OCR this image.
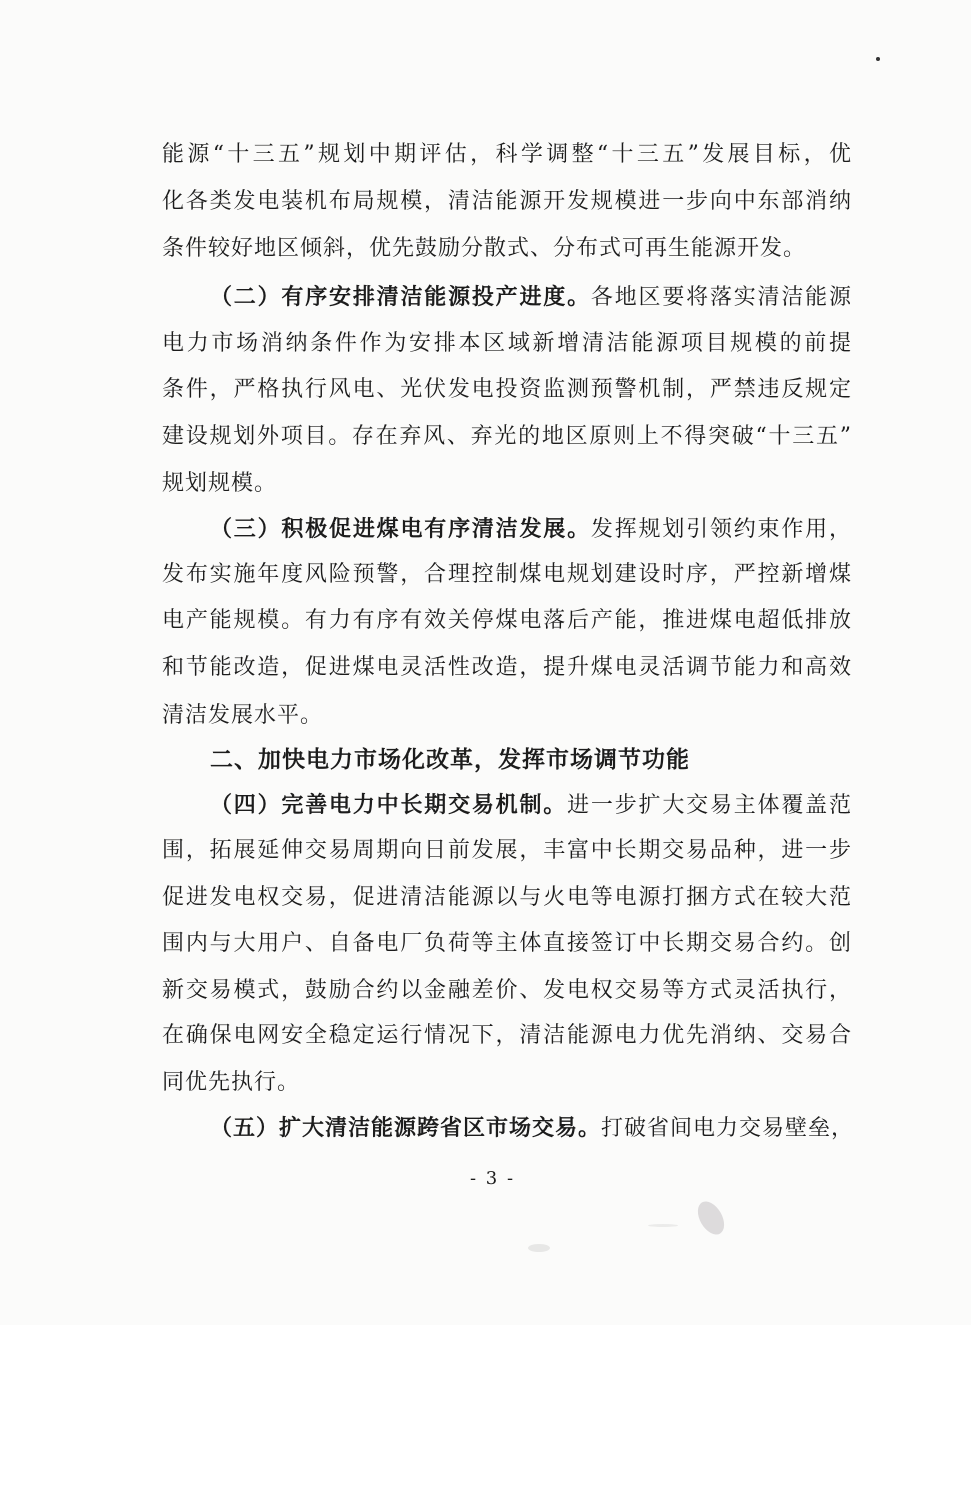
能源“十三五”规划中期评估，科学调整“十三五”发展目标，优
化各类发电装机布局规模，清洁能源开发规模进一步向中东部消纳
条件较好地区倾斜，优先鼓励分散式、分布式可再生能源开发。
（二）有序安排清洁能源投产进度。各地区要将落实清洁能源
电力市场消纳条件作为安排本区域新增清洁能源项目规模的前提
条件，严格执行风电、光伏发电投资监测预警机制，严禁违反规定
建设规划外项目。存在弃风、弃光的地区原则上不得突破“十三五”
规划规模。
（三）积极促进煤电有序清洁发展。发挥规划引领约束作用，
发布实施年度风险预警，合理控制煤电规划建设时序，严控新增煤
电产能规模。有力有序有效关停煤电落后产能，推进煤电超低排放
和节能改造，促进煤电灵活性改造，提升煤电灵活调节能力和高效
清洁发展水平。
二、加快电力市场化改革，发挥市场调节功能
（四）完善电力中长期交易机制。进一步扩大交易主体覆盖范
围，拓展延伸交易周期向日前发展，丰富中长期交易品种，进一步
促进发电权交易，促进清洁能源以与火电等电源打捆方式在较大范
围内与大用户、自备电厂负荷等主体直接签订中长期交易合约。创
新交易模式，鼓励合约以金融差价、发电权交易等方式灵活执行，
在确保电网安全稳定运行情况下，清洁能源电力优先消纳、交易合
同优先执行。
（五）扩大清洁能源跨省区市场交易。打破省间电力交易壁垒，
- 3 -
